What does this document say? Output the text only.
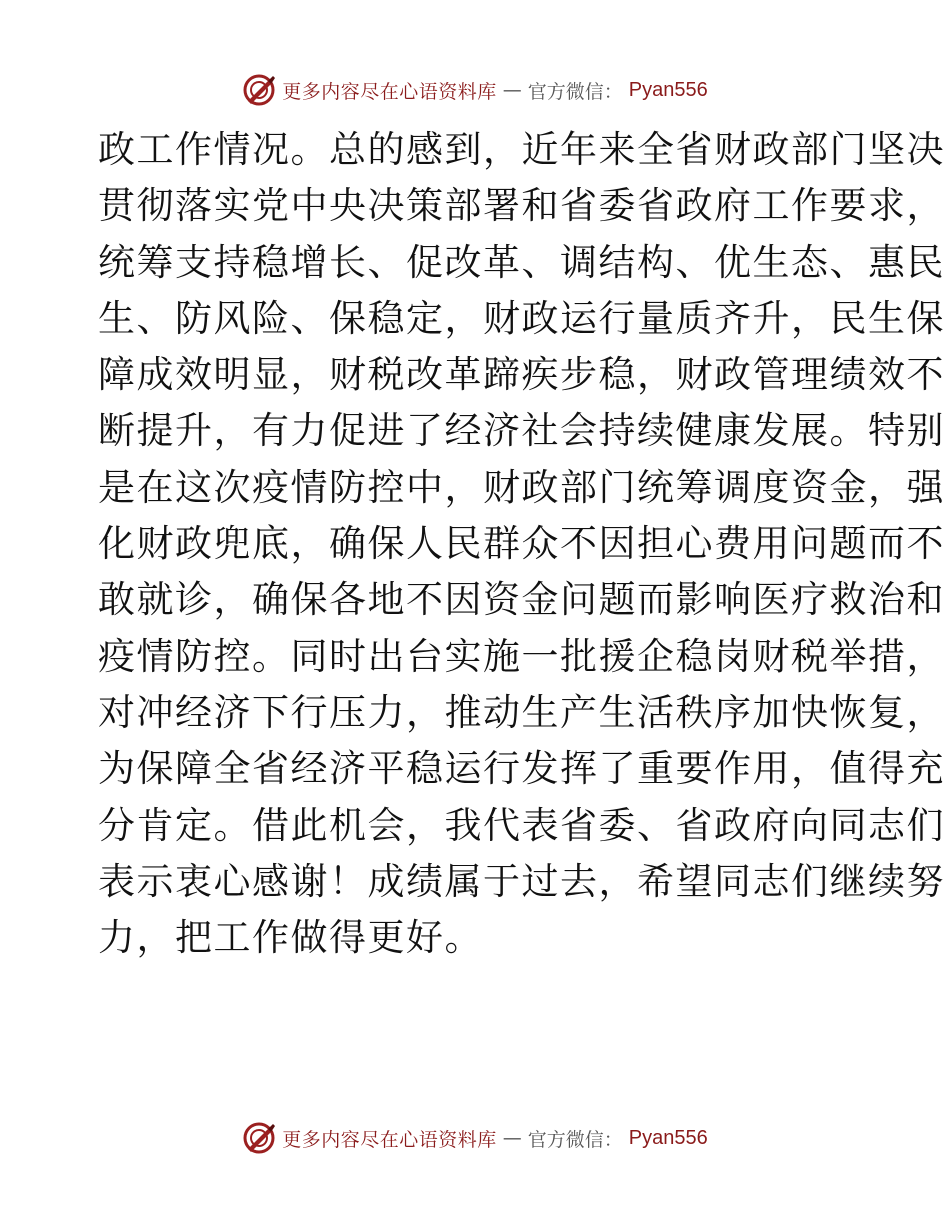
更多内容尽在心语资料库 — 官方微信： Pyan556
政工作情况。总的感到，近年来全省财政部门坚决
贯彻落实党中央决策部署和省委省政府工作要求，
统筹支持稳增长、促改革、调结构、优生态、惠民
生、防风险、保稳定，财政运行量质齐升，民生保
障成效明显，财税改革蹄疾步稳，财政管理绩效不
断提升，有力促进了经济社会持续健康发展。特别
是在这次疫情防控中，财政部门统筹调度资金，强
化财政兜底，确保人民群众不因担心费用问题而不
敢就诊，确保各地不因资金问题而影响医疗救治和
疫情防控。同时出台实施一批援企稳岗财税举措，
对冲经济下行压力，推动生产生活秩序加快恢复，
为保障全省经济平稳运行发挥了重要作用，值得充
分肯定。借此机会，我代表省委、省政府向同志们
表示衷心感谢！成绩属于过去，希望同志们继续努
力，把工作做得更好。
更多内容尽在心语资料库 — 官方微信： Pyan556
